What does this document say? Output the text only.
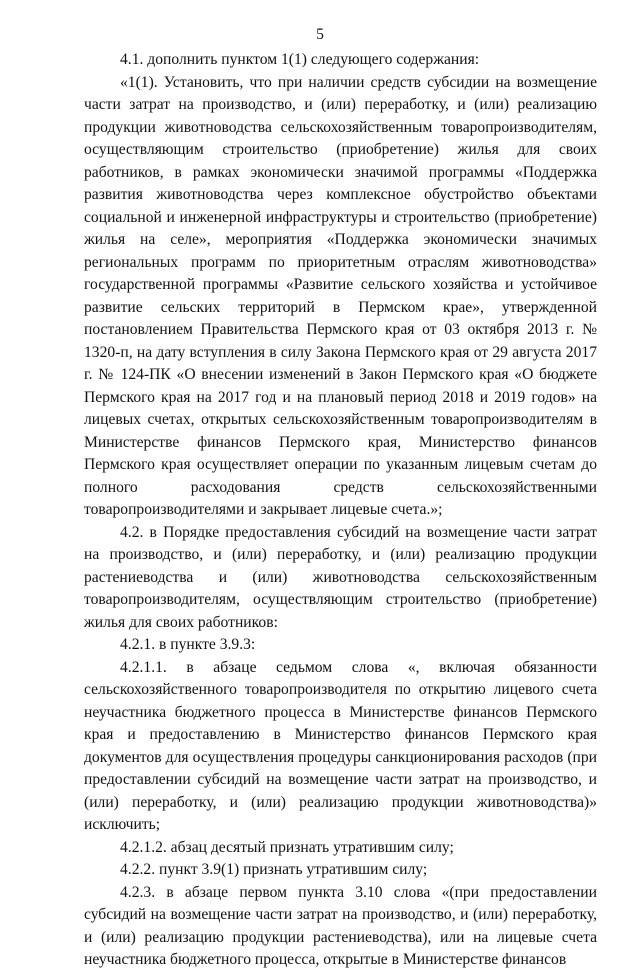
5

4.1. дополнить пунктом 1(1) следующего содержания:

«1(1). Установить, что при наличии средств субсидии на возмещение части затрат на производство, и (или) переработку, и (или) реализацию продукции животноводства сельскохозяйственным товаропроизводителям, осуществляющим строительство (приобретение) жилья для своих работников, в рамках экономически значимой программы «Поддержка развития животноводства через комплексное обустройство объектами социальной и инженерной инфраструктуры и строительство (приобретение) жилья на селе», мероприятия «Поддержка экономически значимых региональных программ по приоритетным отраслям животноводства» государственной программы «Развитие сельского хозяйства и устойчивое развитие сельских территорий в Пермском крае», утвержденной постановлением Правительства Пермского края от 03 октября 2013 г. № 1320-п, на дату вступления в силу Закона Пермского края от 29 августа 2017 г. № 124-ПК «О внесении изменений в Закон Пермского края «О бюджете Пермского края на 2017 год и на плановый период 2018 и 2019 годов» на лицевых счетах, открытых сельскохозяйственным товаропроизводителям в Министерстве финансов Пермского края, Министерство финансов Пермского края осуществляет операции по указанным лицевым счетам до полного расходования средств сельскохозяйственными товаропроизводителями и закрывает лицевые счета.»;

4.2. в Порядке предоставления субсидий на возмещение части затрат на производство, и (или) переработку, и (или) реализацию продукции растениеводства и (или) животноводства сельскохозяйственным товаропроизводителям, осуществляющим строительство (приобретение) жилья для своих работников:

4.2.1. в пункте 3.9.3:

4.2.1.1. в абзаце седьмом слова «, включая обязанности сельскохозяйственного товаропроизводителя по открытию лицевого счета неучастника бюджетного процесса в Министерстве финансов Пермского края и предоставлению в Министерство финансов Пермского края документов для осуществления процедуры санкционирования расходов (при предоставлении субсидий на возмещение части затрат на производство, и (или) переработку, и (или) реализацию продукции животноводства)» исключить;

4.2.1.2. абзац десятый признать утратившим силу;

4.2.2. пункт 3.9(1) признать утратившим силу;

4.2.3. в абзаце первом пункта 3.10 слова «(при предоставлении субсидий на возмещение части затрат на производство, и (или) переработку, и (или) реализацию продукции растениеводства), или на лицевые счета неучастника бюджетного процесса, открытые в Министерстве финансов
